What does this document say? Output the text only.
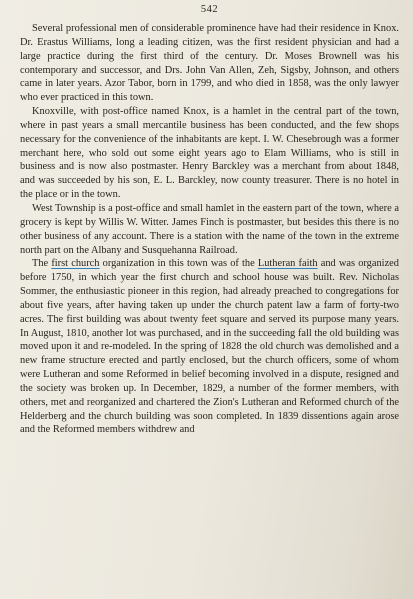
542

Several professional men of considerable prominence have had their residence in Knox. Dr. Erastus Williams, long a leading citizen, was the first resident physician and had a large practice during the first third of the century. Dr. Moses Brownell was his contemporary and successor, and Drs. John Van Allen, Zeh, Sigsby, Johnson, and others came in later years. Azor Tabor, born in 1799, and who died in 1858, was the only lawyer who ever practiced in this town.

Knoxville, with post-office named Knox, is a hamlet in the central part of the town, where in past years a small mercantile business has been conducted, and the few shops necessary for the convenience of the inhabitants are kept. I. W. Chesebrough was a former merchant here, who sold out some eight years ago to Elam Williams, who is still in business and is now also postmaster. Henry Barckley was a merchant from about 1848, and was succeeded by his son, E. L. Barckley, now county treasurer. There is no hotel in the place or in the town.

West Township is a post-office and small hamlet in the eastern part of the town, where a grocery is kept by Willis W. Witter. James Finch is postmaster, but besides this there is no other business of any account. There is a station with the name of the town in the extreme north part on the Albany and Susquehanna Railroad.

The first church organization in this town was of the Lutheran faith and was organized before 1750, in which year the first church and school house was built. Rev. Nicholas Sommer, the enthusiastic pioneer in this region, had already preached to congregations for about five years, after having taken up under the church patent law a farm of forty-two acres. The first building was about twenty feet square and served its purpose many years. In August, 1810, another lot was purchased, and in the succeeding fall the old building was moved upon it and re-modeled. In the spring of 1828 the old church was demolished and a new frame structure erected and partly enclosed, but the church officers, some of whom were Lutheran and some Reformed in belief becoming involved in a dispute, resigned and the society was broken up. In December, 1829, a number of the former members, with others, met and reorganized and chartered the Zion's Lutheran and Reformed church of the Helderberg and the church building was soon completed. In 1839 dissentions again arose and the Reformed members withdrew and
